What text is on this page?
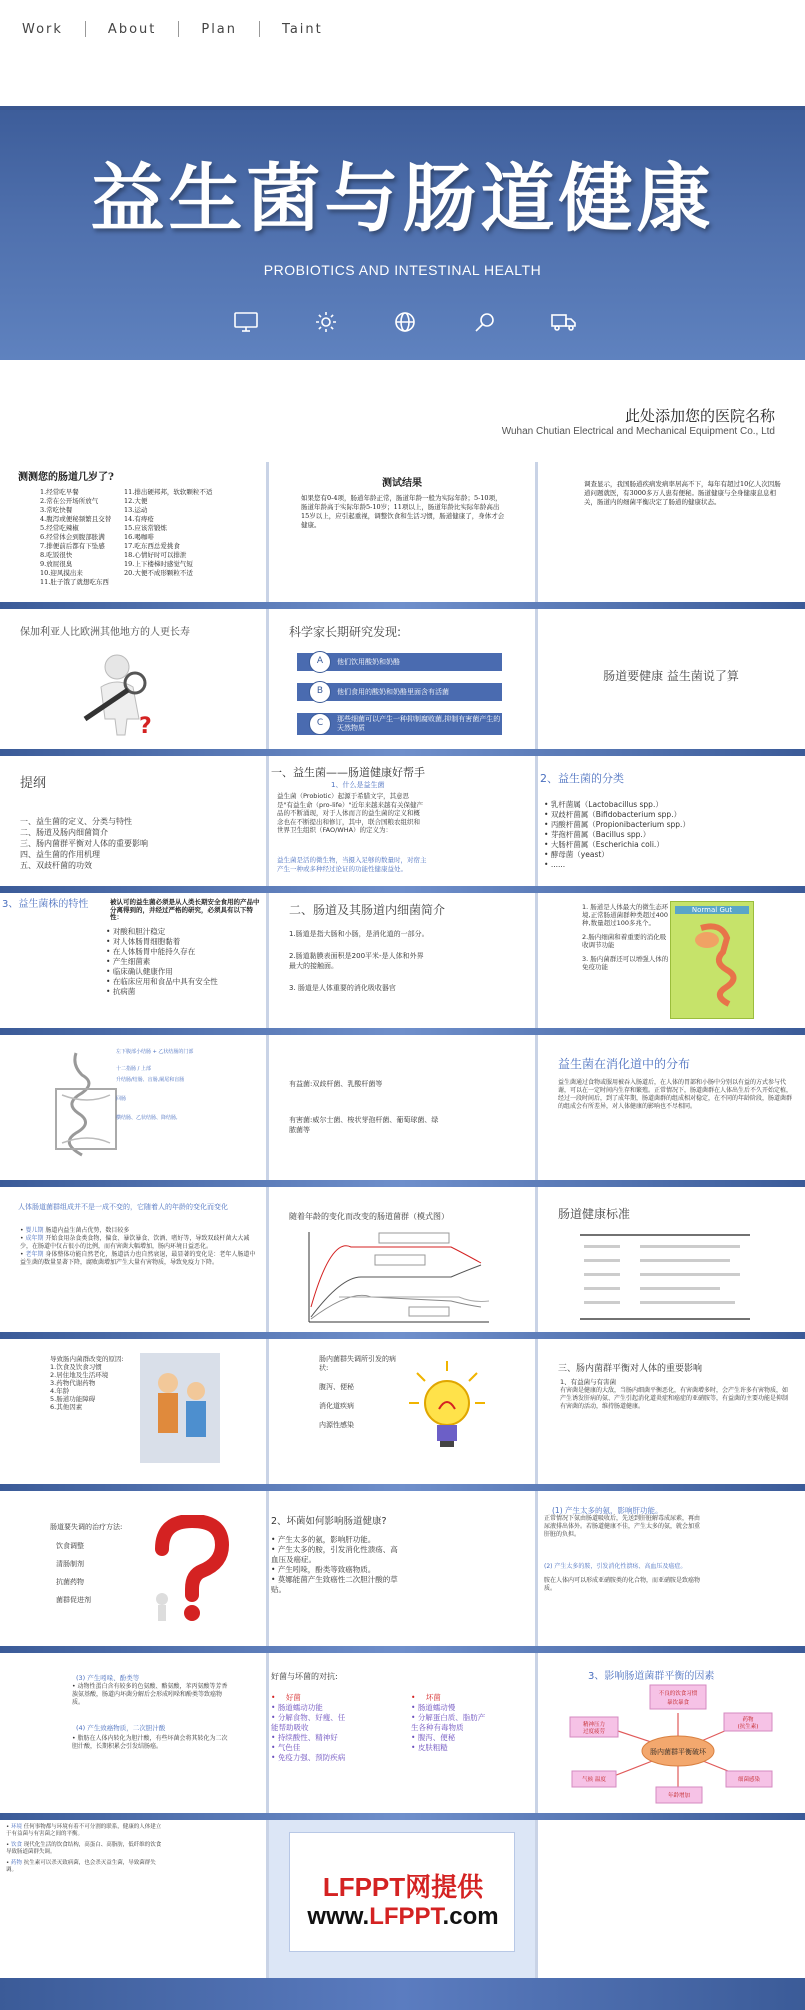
Work	About	Plan	Taint
益生菌与肠道健康
PROBIOTICS AND INTESTINAL HEALTH
此处添加您的医院名称
Wuhan Chutian Electrical and Mechanical Equipment Co., Ltd
测测您的肠道几岁了?
1.经常吃早餐
2.常在公开场所放气
3.常吃快餐
4.腹泻或便秘频繁且交替
5.经常吃辣椒
6.经常体会到腹部胀满
7.排便前后都有下坠感
8.吃饭很快
9.放屁很臭
10.迎风摸出来
11.肚子饿了就想吃东西
11.排出硬邦邦，软软颗粒不适
12.大便
13.运动
14.有痔疮
15.应该常锻炼
16.喝咖啡
17.吃东西总爱挑食
18.心情好时可以排泄
19.上下楼梯时感觉气短
20.大便不成形颗粒不适
测试结果
如果您有0-4项，肠道年龄正常，肠道年龄一般为实际年龄；5-10项，肠道年龄高于实际年龄5-10岁；11项以上，肠道年龄比实际年龄高出15岁以上，应引起重视，调整饮食和生活习惯，肠道健康了，身体才会健康。
调查显示，我国肠道疾病发病率居高不下，每年有超过10亿人次因肠道问题就医，有3000多万人患有便秘。肠道健康与全身健康息息相关，肠道内的细菌平衡决定了肠道的健康状态。
保加利亚人比欧洲其他地方的人更长寿
?
科学家长期研究发现:
他们饮用酸奶和奶酪
A
他们食用的酸奶和奶酪里面含有活菌
B
那些细菌可以产生一种抑制腐败菌,抑制有害菌产生的天然物质
C
肠道要健康 益生菌说了算
提纲
一、益生菌的定义、分类与特性
二、肠道及肠内细菌简介
三、肠内菌群平衡对人体的重要影响
四、益生菌的作用机理
五、双歧杆菌的功效
一、益生菌——肠道健康好帮手
1、什么是益生菌
益生菌（Probiotic）起源于希腊文字，其意思是"有益生命（pro-life）"近年来越来越有关保健产品的不断涌现，对于人体而言的益生菌的定义和概念也在不断提出和修订，其中，联合国粮农组织和世界卫生组织（FAO/WHA）的定义为：
益生菌是活的微生物，当摄入足够的数量时，对宿主产生一种或多种经过论证的功能性健康益处。
2、益生菌的分类
• 乳杆菌属（Lactobacillus spp.）
• 双歧杆菌属（Bifidobacterium spp.）
• 丙酸杆菌属（Propionibacterium spp.）
• 芽孢杆菌属（Bacillus spp.）
• 大肠杆菌属（Escherichia coli.）
• 酵母菌（yeast）
• ......
3、益生菌株的特性	被认可的益生菌必须是从人类长期安全食用的产品中分离得到的，并经过严格的研究，必须具有以下特性：
• 对酸和胆汁稳定
• 对人体肠胃细胞黏着
• 在人体肠胃中能持久存在
• 产生细菌素
• 临床确认健康作用
• 在临床应用和食品中具有安全性
• 抗病菌
二、肠道及其肠道内细菌简介
1.肠道是指大肠和小肠，是消化道的一部分。
2.肠道黏膜表面积是200平米-是人体和外界最大的接触面。
3. 肠道是人体重要的消化吸收器官
1. 肠道是人体最大的微生态环境,正常肠道菌群种类超过400种,数量超过100多兆个。
2.肠内细菌和着重要的消化吸收调节功能
3. 肠内菌群还可以增强人体的免疫功能
Normal Gut
左下腹部小结肠 + 乙状结肠的门部
十二指肠 / 上部
升结肠/结肠、盲肠,阑尾和盲肠
回肠
横结肠、乙状结肠、降结肠,
有益菌:双歧杆菌、乳酸杆菌等
有害菌:威尔士菌、梭状芽孢杆菌、葡萄球菌、绿脓菌等
益生菌在消化道中的分布
益生菌通过食物或服用被吞入肠道后，在人体的胃部和小肠中分别以有益的方式参与代谢，可以在一定时间内生存和繁殖。正常情况下，肠道菌群在人体出生后不久开始定植，经过一段时间后，到了成年期，肠道菌群的组成相对稳定，在不同的年龄阶段，肠道菌群的组成会有所差异，对人体健康的影响也不尽相同。
人体肠道菌群组成并不是一成不变的，它随着人的年龄的变化而变化
• 婴儿期 肠道内益生菌占优势，数目较多
• 成年期 开始食用杂食类食物，偏食、暴饮暴食、饮酒、嗜好等，导致双歧杆菌大大减少，在肠道中仅占很小的比例，而有害菌大幅增加，肠内环境日益恶化。
• 老年期 身体整体功能自然老化，肠道活力也自然衰退，最显著的变化是：老年人肠道中益生菌的数量显著下降，腐败菌增加产生大量有害物质，导致免疫力下降。
随着年龄的变化而改变的肠道菌群（模式图）	肠道健康标准
导致肠内菌群改变的原因:
1.饮食及饮食习惯
2.居住地及生活环境
3.药物代谢药物
4.年龄
5.肠道功能障碍
6.其他因素
肠内菌群失调所引发的病状:
腹泻、便秘
消化道疾病
内源性感染
三、肠内菌群平衡对人体的重要影响
1、有益菌与有害菌
有害菌是健康的大敌，当肠内细菌平衡恶化，有害菌增多时，会产生许多有害物质，如产生诱发肝病的氨、产生引起消化道炎症和癌症的亚硝胺等，有益菌的主要功能是抑制有害菌的活动，维持肠道健康。
肠道要失调的治疗方法:
饮食调整
清肠制剂
抗菌药物
菌群促进剂
2、坏菌如何影响肠道健康?
• 产生太多的氨，影响肝功能。
• 产生太多的胺，引发消化性溃疡、高血压及癌症。
• 产生吲哚，酚类等致癌物质。
• 莫娜能菌产生致癌性二次胆汁酸的草贴。
(1) 产生太多的氨，影响肝功能。
正常情况下氨由肠道吸收后，先送到肝脏解毒成尿素，再由尿液排出体外。若肠道健康不佳，产生太多的氨，就会加重肝脏的负担。
(2) 产生太多的胺，引发消化性溃疡、高血压及癌症。
胺在人体内可以形成亚硝胺类的化合物，而亚硝胺是致癌物质。
(3) 产生吲哚、酚类等
• 动物性蛋白含有较多的色氨酸、酪氨酸，苯丙氨酸等芳香族氨基酸，肠道内坏菌分解后会形成吲哚和酚类等致癌物质。
(4) 产生致癌物质，二次胆汁酸
• 脂肪在人体内转化为胆汁酸，有些坏菌会将其转化为二次胆汁酸，长期积累会引发结肠癌。
好菌与坏菌的对抗:
• 好菌
• 肠道蠕动功能
• 分解食物、好瘦、任能帮助吸收
• 持续酸性、精神好
• 气色佳
• 免疫力强、预防疾病
• 坏菌
• 肠道蠕动慢
• 分解蛋白质、脂肪产生各种有毒物质
• 腹泻、便秘
• 皮肤粗糙
3、影响肠道菌群平衡的因素
肠内菌群平衡破坏
不良的饮食习惯
暴饮暴食
药物
(抗生素)
精神压力
过度疲劳
气候 温度
年龄增加
细菌感染
• 环境 任何事物都与环境有着不可分割的联系，健康的人体建立于有益菌与有害菌之间的平衡。
• 饮食 现代化生活的饮食结构，高蛋白、高脂肪，低纤维的饮食导致肠道菌群失调。
• 药物 抗生素可以杀灭致病菌，也会杀灭益生菌，导致菌群失调。
LFPPT网提供
www.LFPPT.com
